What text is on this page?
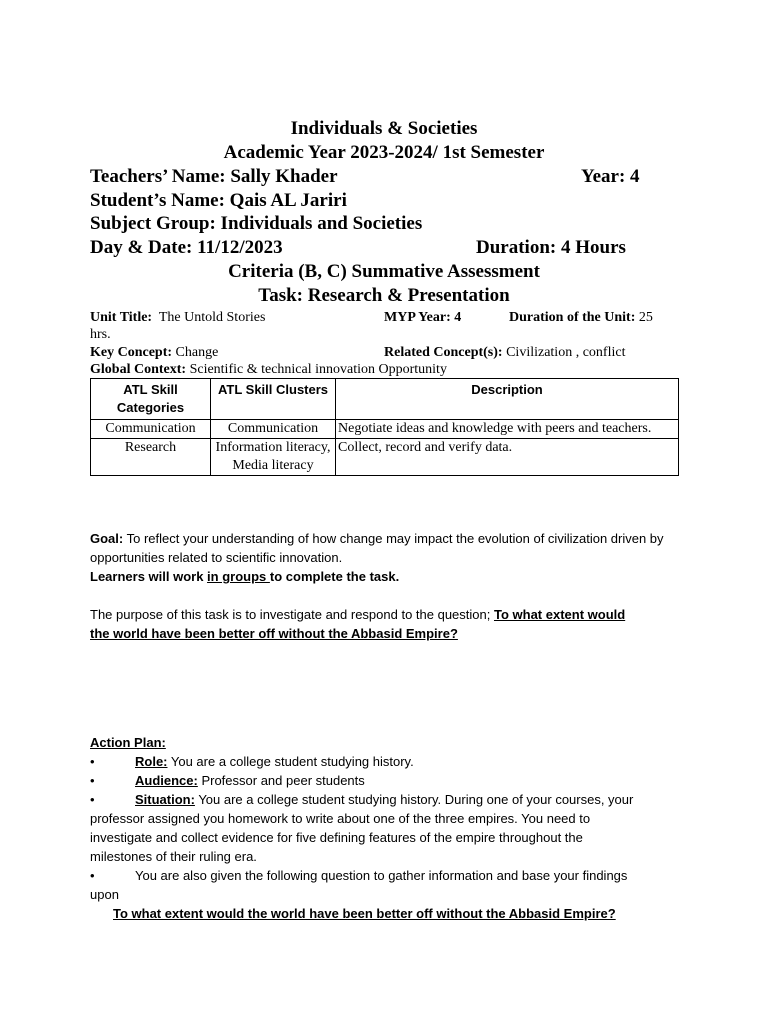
Individuals & Societies
Academic Year 2023-2024/ 1st Semester
Teachers’ Name: Sally Khader	Year: 4
Student’s Name: Qais AL Jariri
Subject Group: Individuals and Societies
Day & Date: 11/12/2023	Duration: 4 Hours
Criteria (B, C) Summative Assessment
Task: Research & Presentation
Unit Title: The Untold Stories	MYP Year: 4	Duration of the Unit: 25
hrs.
Key Concept: Change	Related Concept(s): Civilization , conflict
Global Context: Scientific & technical innovation Opportunity
ATL Skill Categories	ATL Skill Clusters	Description
Communication	Communication	Negotiate ideas and knowledge with peers and teachers.
Research	Information literacy, Media literacy	Collect, record and verify data.
Goal: To reflect your understanding of how change may impact the evolution of civilization driven by opportunities related to scientific innovation.
Learners will work in groups to complete the task.
The purpose of this task is to investigate and respond to the question; To what extent would
the world have been better off without the Abbasid Empire?
Action Plan:
•	Role: You are a college student studying history.
•	Audience: Professor and peer students
•	Situation: You are a college student studying history. During one of your courses, your
professor assigned you homework to write about one of the three empires. You need to
investigate and collect evidence for five defining features of the empire throughout the
milestones of their ruling era.
•	You are also given the following question to gather information and base your findings
upon
To what extent would the world have been better off without the Abbasid Empire?
